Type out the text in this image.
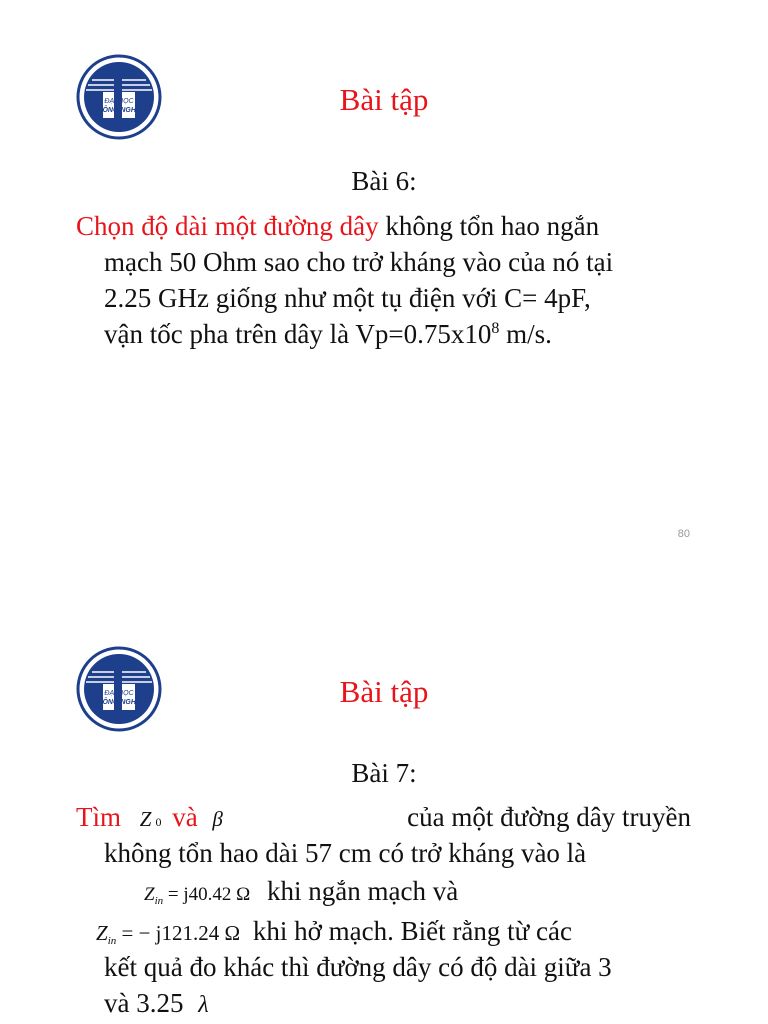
ĐẠI HỌC
CÔNG NGHỆ	Bài tập
Bài 6:
Chọn độ dài một đường dây không tổn hao ngắn
mạch 50 Ohm sao cho trở kháng vào của nó tại
2.25 GHz giống như một tụ điện với C= 4pF,
vận tốc pha trên dây là $Vp=0.75x10^8$ m/s.
80
ĐẠI HỌC
CÔNG NGHỆ	Bài tập
Bài 7:
Tìm Z 0 và β	của một đường dây truyền
không tổn hao dài 57 cm có trở kháng vào là
$Z_{in} = j40.42$ Ω khi ngắn mạch và
$Z_{in}$ = − j121.24 Ω khi hở mạch. Biết rằng từ các
kết quả đo khác thì đường dây có độ dài giữa 3
và 3.25 λ
